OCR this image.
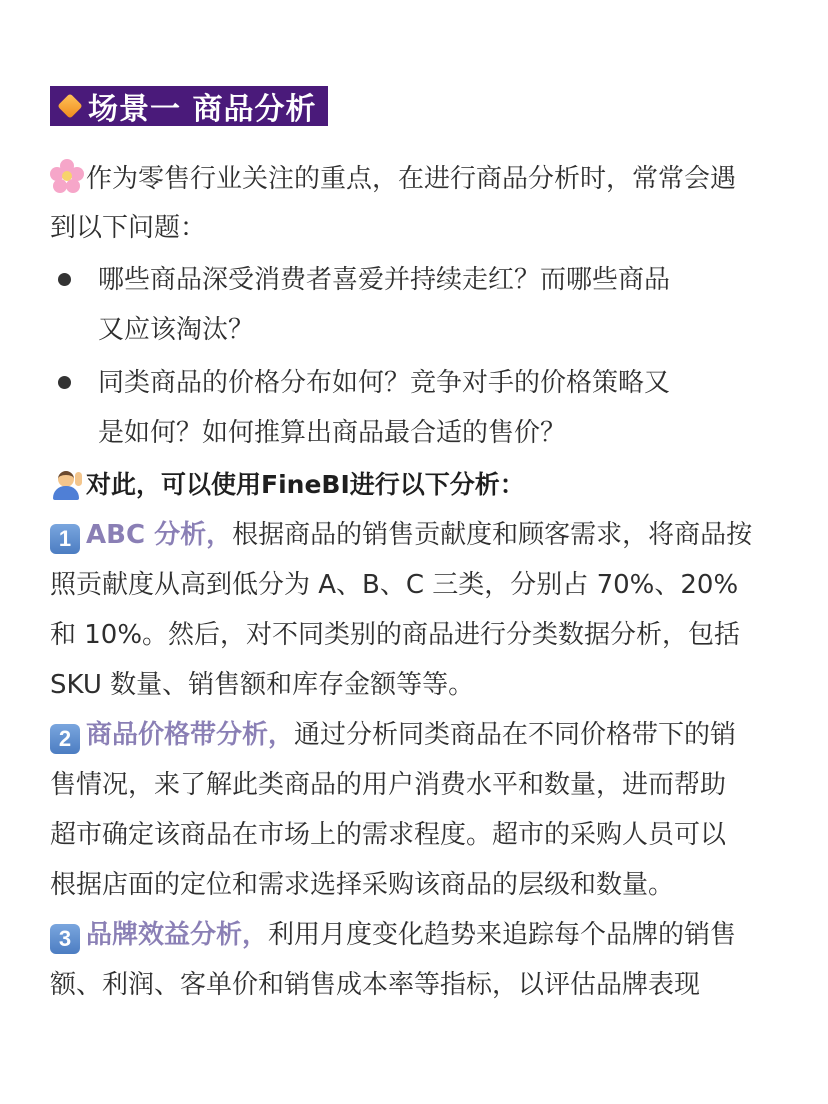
场景一 商品分析
作为零售行业关注的重点，在进行商品分析时，常常会遇
到以下问题：
哪些商品深受消费者喜爱并持续走红？而哪些商品
又应该淘汰？
同类商品的价格分布如何？竞争对手的价格策略又
是如何？如何推算出商品最合适的售价？
对此，可以使用FineBI进行以下分析：
1 ABC 分析，根据商品的销售贡献度和顾客需求，将商品按
照贡献度从高到低分为 A、B、C 三类，分别占 70%、20%
和 10%。然后，对不同类别的商品进行分类数据分析，包括
SKU 数量、销售额和库存金额等等。
2 商品价格带分析，通过分析同类商品在不同价格带下的销
售情况，来了解此类商品的用户消费水平和数量，进而帮助
超市确定该商品在市场上的需求程度。超市的采购人员可以
根据店面的定位和需求选择采购该商品的层级和数量。
3 品牌效益分析，利用月度变化趋势来追踪每个品牌的销售
额、利润、客单价和销售成本率等指标，以评估品牌表现
